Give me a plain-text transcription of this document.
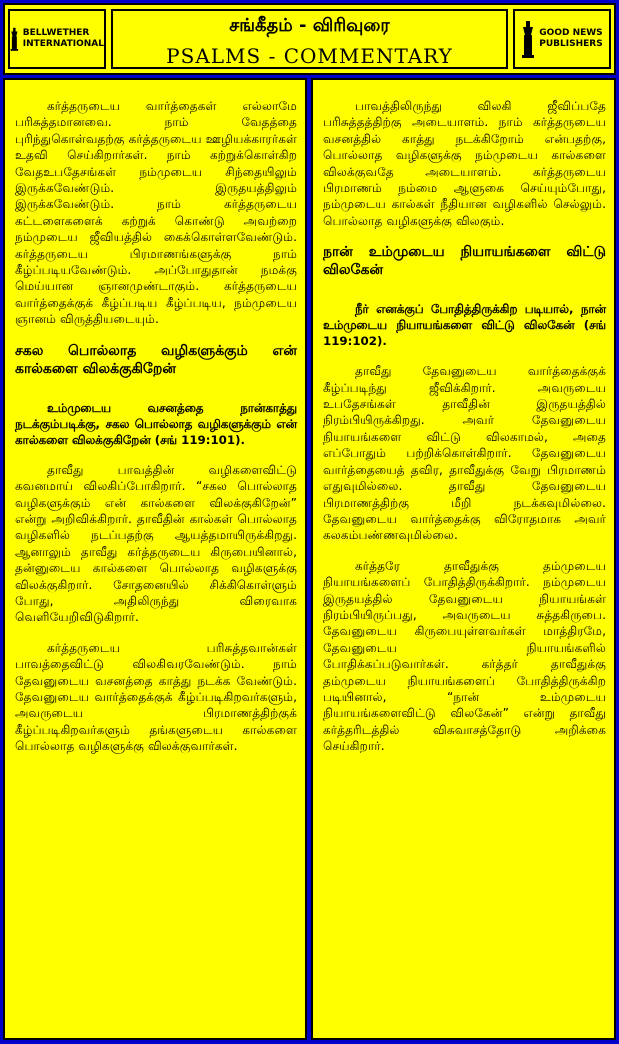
BELLWETHER
INTERNATIONAL
சங்கீதம் - விரிவுரை
PSALMS - COMMENTARY
GOOD NEWS
PUBLISHERS

கர்த்தருடைய வார்த்தைகள் எல்லாமே பரிசுத்தமானவை. நாம் வேதத்தை புரிந்துகொள்வதற்கு கர்த்தருடைய ஊழியக்காரர்கள் உதவி செய்கிறார்கள். நாம் கற்றுக்கொள்கிற வேதஉபதேசங்கள் நம்முடைய சிந்தையிலும் இருக்கவேண்டும். இருதயத்திலும் இருக்கவேண்டும். நாம் கர்த்தருடைய கட்டளைகளைக் கற்றுக் கொண்டு அவற்றை நம்முடைய ஜீவியத்தில் கைக்கொள்ளவேண்டும். கர்த்தருடைய பிரமாணங்களுக்கு நாம் கீழ்ப்படியவேண்டும். அப்போதுதான் நமக்கு மெய்யான ஞானமுண்டாகும். கர்த்தருடைய வார்த்தைக்குக் கீழ்ப்படிய கீழ்ப்படிய, நம்முடைய ஞானம் விருத்தியடையும்.

சகல பொல்லாத வழிகளுக்கும் என் கால்களை விலக்குகிறேன்

உம்முடைய வசனத்தை நான்காத்து நடக்கும்படிக்கு, சகல பொல்லாத வழிகளுக்கும் என் கால்களை விலக்குகிறேன் (சங் 119:101).

தாவீது பாவத்தின் வழிகளைவிட்டு கவனமாய் விலகிப்போகிறார். “சகல பொல்லாத வழிகளுக்கும் என் கால்களை விலக்குகிறேன்” என்று அறிவிக்கிறார். தாவீதின் கால்கள் பொல்லாத வழிகளில் நடப்பதற்கு ஆயத்தமாயிருக்கிறது. ஆனாலும் தாவீது கர்த்தருடைய கிருபையினால், தன்னுடைய கால்களை பொல்லாத வழிகளுக்கு விலக்குகிறார். சோதனையில் சிக்கிகொள்ளும் போது, அதிலிருந்து விரைவாக வெளியேறிவிடுகிறார்.

கர்த்தருடைய பரிசுத்தவான்கள் பாவத்தைவிட்டு விலகிவரவேண்டும். நாம் தேவனுடைய வசனத்தை காத்து நடக்க வேண்டும். தேவனுடைய வார்த்தைக்குக் கீழ்ப்படிகிறவர்களும், அவருடைய பிரமாணத்திற்குக் கீழ்ப்படிகிறவர்களும் தங்களுடைய கால்களை பொல்லாத வழிகளுக்கு விலக்குவார்கள்.

பாவத்திலிருந்து விலகி ஜீவிப்பதே பரிசுத்தத்திற்கு அடையாளம். நாம் கர்த்தருடைய வசனத்தில் காத்து நடக்கிறோம் என்பதற்கு, பொல்லாத வழிகளுக்கு நம்முடைய கால்களை விலக்குவதே அடையாளம். கர்த்தருடைய பிரமாணம் நம்மை ஆளுகை செய்யும்போது, நம்முடைய கால்கள் நீதியான வழிகளில் செல்லும். பொல்லாத வழிகளுக்கு விலகும்.

நான் உம்முடைய நியாயங்களை விட்டு விலகேன்

நீர் எனக்குப் போதித்திருக்கிற படியால், நான் உம்முடைய நியாயங்களை விட்டு விலகேன் (சங் 119:102).

தாவீது தேவனுடைய வார்த்தைக்குக் கீழ்ப்படிந்து ஜீவிக்கிறார். அவருடைய உபதேசங்கள் தாவீதின் இருதயத்தில் நிரம்பியிருக்கிறது. அவர் தேவனுடைய நியாயங்களை விட்டு விலகாமல், அதை எப்போதும் பற்றிக்கொள்கிறார். தேவனுடைய வார்த்தையைத் தவிர, தாவீதுக்கு வேறு பிரமாணம் எதுவுமில்லை. தாவீது தேவனுடைய பிரமாணத்திற்கு மீறி நடக்கவுமில்லை. தேவனுடைய வார்த்தைக்கு விரோதமாக அவர் கலகம்பண்ணவுமில்லை.

கர்த்தரே தாவீதுக்கு தம்முடைய நியாயங்களைப் போதித்திருக்கிறார். நம்முடைய இருதயத்தில் தேவனுடைய நியாயங்கள் நிரம்பியிருப்பது, அவருடைய சுத்தகிருபை. தேவனுடைய கிருபையுள்ளவர்கள் மாத்திரமே, தேவனுடைய நியாயங்களில் போதிக்கப்படுவார்கள். கர்த்தர் தாவீதுக்கு தம்முடைய நியாயங்களைப் போதித்திருக்கிற படியினால், “நான் உம்முடைய நியாயங்களைவிட்டு விலகேன்” என்று தாவீது கர்த்தரிடத்தில் விசுவாசத்தோடு அறிக்கை செய்கிறார்.
